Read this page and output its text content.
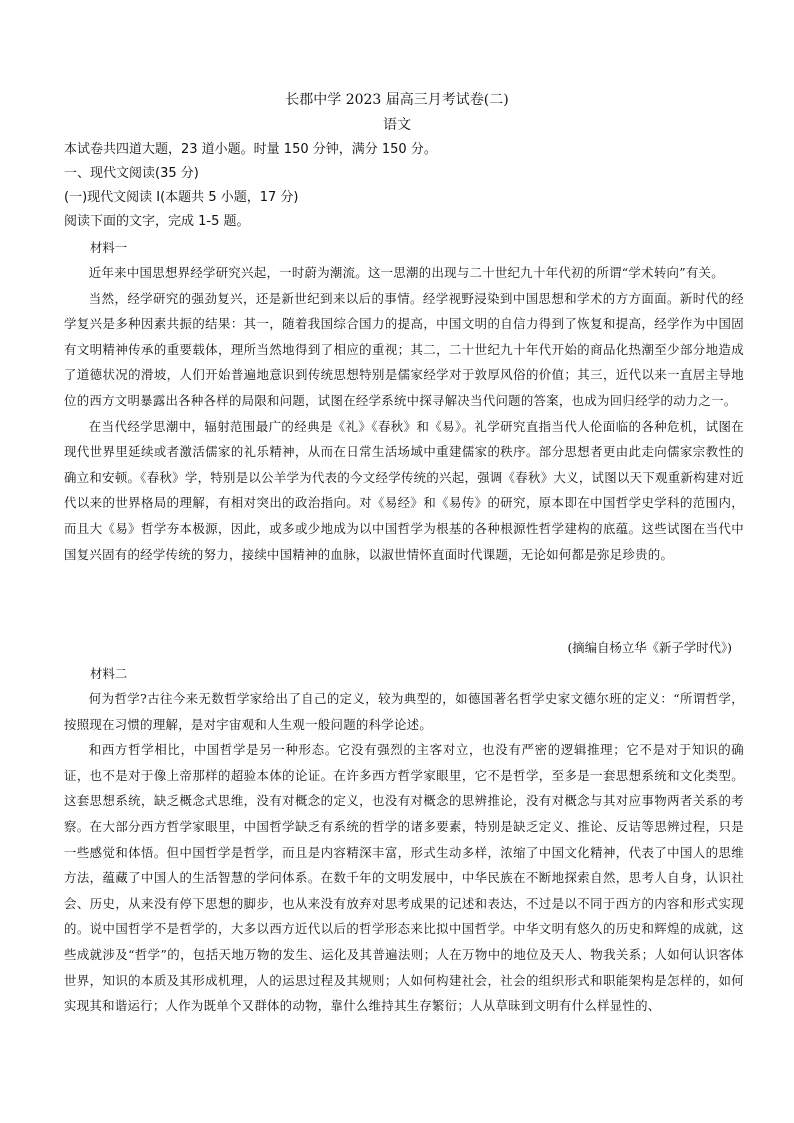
长郡中学 2023 届高三月考试卷(二)
语文
本试卷共四道大题，23 道小题。时量 150 分钟，满分 150 分。
一、现代文阅读(35 分)
(一)现代文阅读 I(本题共 5 小题，17 分)
阅读下面的文字，完成 1-5 题。
材料一

近年来中国思想界经学研究兴起，一时蔚为潮流。这一思潮的出现与二十世纪九十年代初的所谓“学术转向”有关。

当然，经学研究的强劲复兴，还是新世纪到来以后的事情。经学视野浸染到中国思想和学术的方方面面。新时代的经学复兴是多种因素共振的结果：其一，随着我国综合国力的提高，中国文明的自信力得到了恢复和提高，经学作为中国固有文明精神传承的重要载体，理所当然地得到了相应的重视；其二，二十世纪九十年代开始的商品化热潮至少部分地造成了道德状况的滑坡，人们开始普遍地意识到传统思想特别是儒家经学对于敦厚风俗的价值；其三，近代以来一直居主导地位的西方文明暴露出各种各样的局限和问题，试图在经学系统中探寻解决当代问题的答案，也成为回归经学的动力之一。

在当代经学思潮中，辐射范围最广的经典是《礼》《春秋》和《易》。礼学研究直指当代人伦面临的各种危机，试图在现代世界里延续或者激活儒家的礼乐精神，从而在日常生活场域中重建儒家的秩序。部分思想者更由此走向儒家宗教性的确立和安顿。《春秋》学，特别是以公羊学为代表的今文经学传统的兴起，强调《春秋》大义，试图以天下观重新构建对近代以来的世界格局的理解，有相对突出的政治指向。对《易经》和《易传》的研究，原本即在中国哲学史学科的范围内，而且大《易》哲学夯本极源，因此，或多或少地成为以中国哲学为根基的各种根源性哲学建构的底蕴。这些试图在当代中国复兴固有的经学传统的努力，接续中国精神的血脉，以淑世情怀直面时代课题，无论如何都是弥足珍贵的。

(摘编自杨立华《新子学时代》)
材料二

何为哲学?古往今来无数哲学家给出了自己的定义，较为典型的，如德国著名哲学史家文德尔班的定义：“所谓哲学，按照现在习惯的理解，是对宇宙观和人生观一般问题的科学论述。

和西方哲学相比，中国哲学是另一种形态。它没有强烈的主客对立，也没有严密的逻辑推理；它不是对于知识的确证，也不是对于像上帝那样的超验本体的论证。在许多西方哲学家眼里，它不是哲学，至多是一套思想系统和文化类型。这套思想系统，缺乏概念式思维，没有对概念的定义，也没有对概念的思辨推论，没有对概念与其对应事物两者关系的考察。在大部分西方哲学家眼里，中国哲学缺乏有系统的哲学的诸多要素，特别是缺乏定义、推论、反诘等思辨过程，只是一些感觉和体悟。但中国哲学是哲学，而且是内容精深丰富，形式生动多样，浓缩了中国文化精神，代表了中国人的思维方法，蕴藏了中国人的生活智慧的学问体系。在数千年的文明发展中，中华民族在不断地探索自然，思考人自身，认识社会、历史，从来没有停下思想的脚步，也从来没有放弃对思考成果的记述和表达，不过是以不同于西方的内容和形式实现的。说中国哲学不是哲学的，大多以西方近代以后的哲学形态来比拟中国哲学。中华文明有悠久的历史和辉煌的成就，这些成就涉及“哲学”的，包括天地万物的发生、运化及其普遍法则；人在万物中的地位及天人、物我关系；人如何认识客体世界，知识的本质及其形成机理，人的运思过程及其规则；人如何构建社会，社会的组织形式和职能架构是怎样的，如何实现其和谐运行；人作为既单个又群体的动物，靠什么维持其生存繁衍；人从草昧到文明有什么样显性的、
